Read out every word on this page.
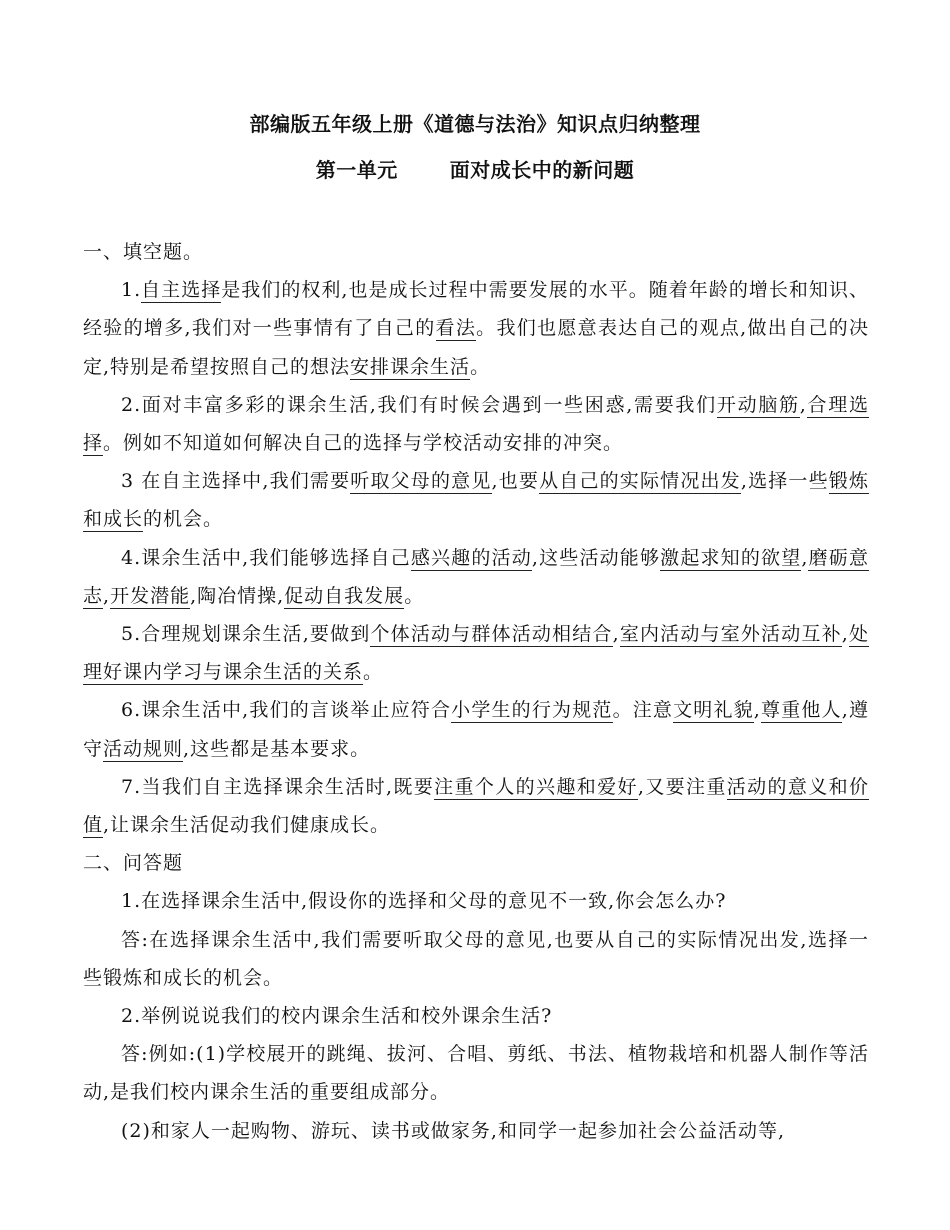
部编版五年级上册《道德与法治》知识点归纳整理
第一单元	面对成长中的新问题

一、填空题。

1.自主选择是我们的权利,也是成长过程中需要发展的水平。随着年龄的增长和知识、经验的增多,我们对一些事情有了自己的看法。我们也愿意表达自己的观点,做出自己的决定,特别是希望按照自己的想法安排课余生活。

2.面对丰富多彩的课余生活,我们有时候会遇到一些困惑,需要我们开动脑筋,合理选择。例如不知道如何解决自己的选择与学校活动安排的冲突。

3 在自主选择中,我们需要听取父母的意见,也要从自己的实际情况出发,选择一些锻炼和成长的机会。

4.课余生活中,我们能够选择自己感兴趣的活动,这些活动能够激起求知的欲望,磨砺意志,开发潜能,陶冶情操,促动自我发展。

5.合理规划课余生活,要做到个体活动与群体活动相结合,室内活动与室外活动互补,处理好课内学习与课余生活的关系。

6.课余生活中,我们的言谈举止应符合小学生的行为规范。注意文明礼貌,尊重他人,遵守活动规则,这些都是基本要求。

7.当我们自主选择课余生活时,既要注重个人的兴趣和爱好,又要注重活动的意义和价值,让课余生活促动我们健康成长。

二、问答题

1.在选择课余生活中,假设你的选择和父母的意见不一致,你会怎么办?

答:在选择课余生活中,我们需要听取父母的意见,也要从自己的实际情况出发,选择一些锻炼和成长的机会。

2.举例说说我们的校内课余生活和校外课余生活?

答:例如:(1)学校展开的跳绳、拔河、合唱、剪纸、书法、植物栽培和机器人制作等活动,是我们校内课余生活的重要组成部分。

(2)和家人一起购物、游玩、读书或做家务,和同学一起参加社会公益活动等,
